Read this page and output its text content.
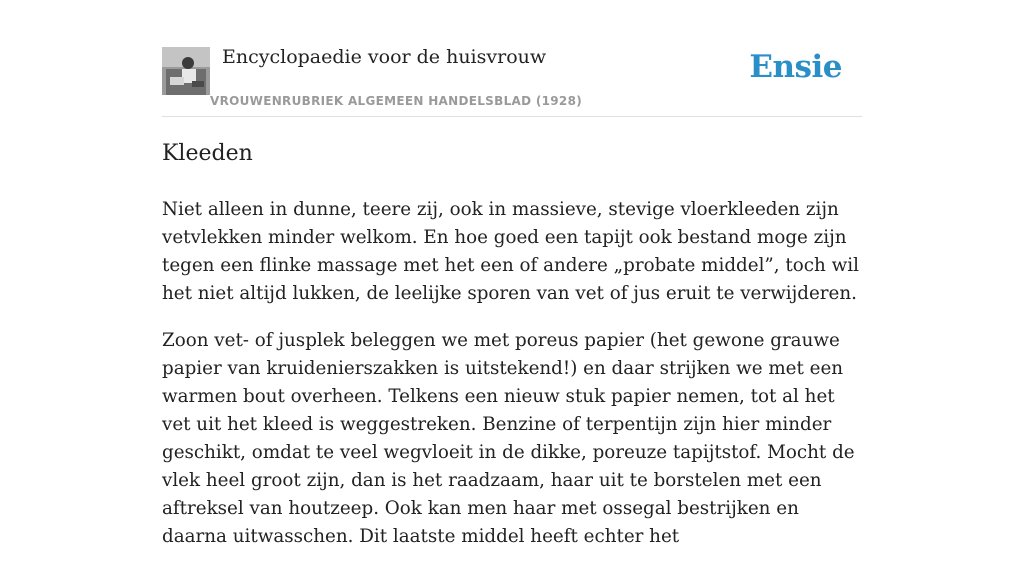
Encyclopaedie voor de huisvrouw
VROUWENRUBRIEK ALGEMEEN HANDELSBLAD (1928)
Ensie
Kleeden

Niet alleen in dunne, teere zij, ook in massieve, stevige vloerkleeden zijn vetvlekken minder welkom. En hoe goed een tapijt ook bestand moge zijn tegen een flinke massage met het een of andere „probate middel”, toch wil het niet altijd lukken, de leelijke sporen van vet of jus eruit te verwijderen.

Zoon vet- of jusplek beleggen we met poreus papier (het gewone grauwe papier van kruidenierszakken is uitstekend!) en daar strijken we met een warmen bout overheen. Telkens een nieuw stuk papier nemen, tot al het vet uit het kleed is weggestreken. Benzine of terpentijn zijn hier minder geschikt, omdat te veel wegvloeit in de dikke, poreuze tapijtstof. Mocht de vlek heel groot zijn, dan is het raadzaam, haar uit te borstelen met een aftreksel van houtzeep. Ook kan men haar met ossegal bestrijken en daarna uitwasschen. Dit laatste middel heeft echter het
